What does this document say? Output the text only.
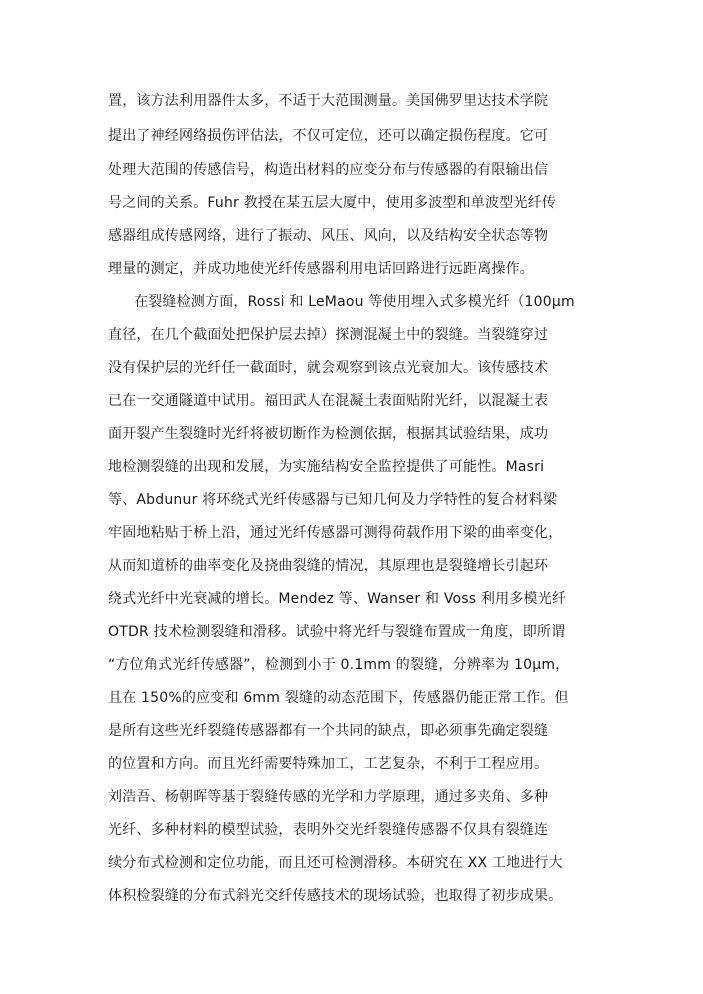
置，该方法利用器件太多，不适于大范围测量。美国佛罗里达技术学院
提出了神经网络损伤评估法，不仅可定位，还可以确定损伤程度。它可
处理大范围的传感信号，构造出材料的应变分布与传感器的有限输出信
号之间的关系。Fuhr 教授在某五层大厦中，使用多波型和单波型光纤传
感器组成传感网络，进行了振动、风压、风向，以及结构安全状态等物
理量的测定，并成功地使光纤传感器利用电话回路进行远距离操作。
在裂缝检测方面，Rossi 和 LeMaou 等使用埋入式多模光纤（100μm
直径，在几个截面处把保护层去掉）探测混凝土中的裂缝。当裂缝穿过
没有保护层的光纤任一截面时，就会观察到该点光衰加大。该传感技术
已在一交通隧道中试用。福田武人在混凝土表面贴附光纤，以混凝土表
面开裂产生裂缝时光纤将被切断作为检测依据，根据其试验结果，成功
地检测裂缝的出现和发展，为实施结构安全监控提供了可能性。Masri
等、Abdunur 将环绕式光纤传感器与已知几何及力学特性的复合材料梁
牢固地粘贴于桥上沿，通过光纤传感器可测得荷载作用下梁的曲率变化，
从而知道桥的曲率变化及挠曲裂缝的情况，其原理也是裂缝增长引起环
绕式光纤中光衰减的增长。Mendez 等、Wanser 和 Voss 利用多模光纤
OTDR 技术检测裂缝和滑移。试验中将光纤与裂缝布置成一角度，即所谓
“方位角式光纤传感器”，检测到小于 0.1mm 的裂缝，分辨率为 10μm，
且在 150%的应变和 6mm 裂缝的动态范围下，传感器仍能正常工作。但
是所有这些光纤裂缝传感器都有一个共同的缺点，即必须事先确定裂缝
的位置和方向。而且光纤需要特殊加工，工艺复杂，不利于工程应用。
刘浩吾、杨朝晖等基于裂缝传感的光学和力学原理，通过多夹角、多种
光纤、多种材料的模型试验，表明外交光纤裂缝传感器不仅具有裂缝连
续分布式检测和定位功能，而且还可检测滑移。本研究在 XX 工地进行大
体积检裂缝的分布式斜光交纤传感技术的现场试验，也取得了初步成果。
